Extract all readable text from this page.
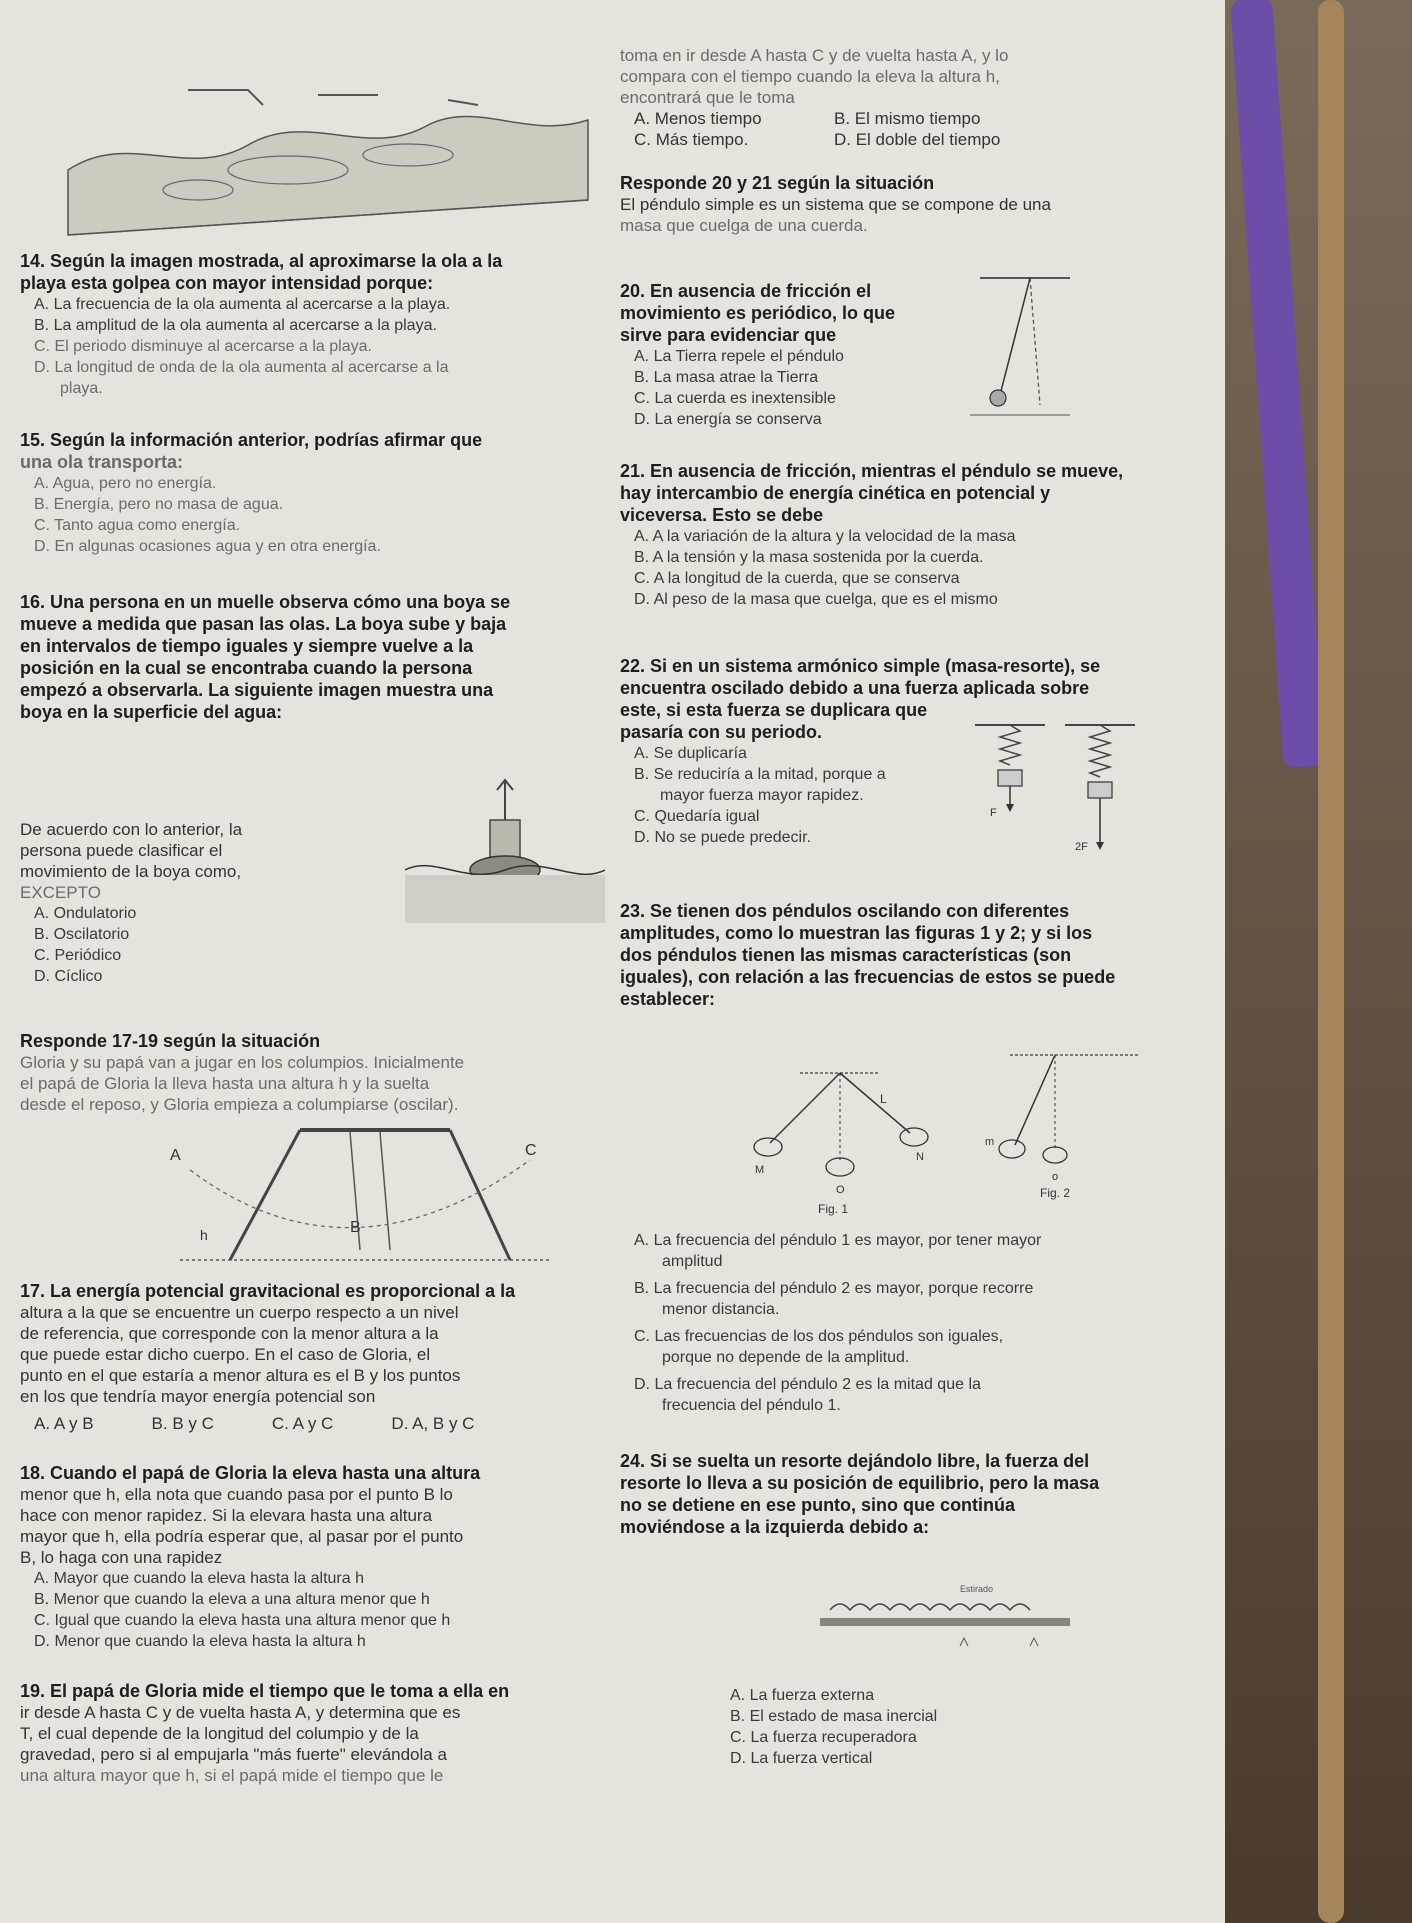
14. Según la imagen mostrada, al aproximarse la ola a la

playa esta golpea con mayor intensidad porque:

A. La frecuencia de la ola aumenta al acercarse a la playa.

B. La amplitud de la ola aumenta al acercarse a la playa.

C. El periodo disminuye al acercarse a la playa.

D. La longitud de onda de la ola aumenta al acercarse a la

playa.

15. Según la información anterior, podrías afirmar que

una ola transporta:

A. Agua, pero no energía.

B. Energía, pero no masa de agua.

C. Tanto agua como energía.

D. En algunas ocasiones agua y en otra energía.

16. Una persona en un muelle observa cómo una boya se

mueve a medida que pasan las olas. La boya sube y baja

en intervalos de tiempo iguales y siempre vuelve a la

posición en la cual se encontraba cuando la persona

empezó a observarla. La siguiente imagen muestra una

boya en la superficie del agua:

De acuerdo con lo anterior, la

persona puede clasificar el

movimiento de la boya como,

EXCEPTO

A. Ondulatorio

B. Oscilatorio

C. Periódico

D. Cíclico

Responde 17-19 según la situación

Gloria y su papá van a jugar en los columpios. Inicialmente

el papá de Gloria la lleva hasta una altura h y la suelta

desde el reposo, y Gloria empieza a columpiarse (oscilar).

A
B
C
h

17. La energía potencial gravitacional es proporcional a la

altura a la que se encuentre un cuerpo respecto a un nivel

de referencia, que corresponde con la menor altura a la

que puede estar dicho cuerpo. En el caso de Gloria, el

punto en el que estaría a menor altura es el B y los puntos

en los que tendría mayor energía potencial son

A. A y B	B. B y C	C. A y C	D. A, B y C

18. Cuando el papá de Gloria la eleva hasta una altura

menor que h, ella nota que cuando pasa por el punto B lo

hace con menor rapidez. Si la elevara hasta una altura

mayor que h, ella podría esperar que, al pasar por el punto

B, lo haga con una rapidez

A. Mayor que cuando la eleva hasta la altura h

B. Menor que cuando la eleva a una altura menor que h

C. Igual que cuando la eleva hasta una altura menor que h

D. Menor que cuando la eleva hasta la altura h

19. El papá de Gloria mide el tiempo que le toma a ella en

ir desde A hasta C y de vuelta hasta A, y determina que es

T, el cual depende de la longitud del columpio y de la

gravedad, pero si al empujarla "más fuerte" elevándola a

una altura mayor que h, si el papá mide el tiempo que le

toma en ir desde A hasta C y de vuelta hasta A, y lo

compara con el tiempo cuando la eleva la altura h,

encontrará que le toma

A. Menos tiempo	B. El mismo tiempo
C. Más tiempo.	D. El doble del tiempo

Responde 20 y 21 según la situación

El péndulo simple es un sistema que se compone de una

masa que cuelga de una cuerda.

20. En ausencia de fricción el

movimiento es periódico, lo que

sirve para evidenciar que

A. La Tierra repele el péndulo

B. La masa atrae la Tierra

C. La cuerda es inextensible

D. La energía se conserva

21. En ausencia de fricción, mientras el péndulo se mueve,

hay intercambio de energía cinética en potencial y

viceversa. Esto se debe

A. A la variación de la altura y la velocidad de la masa

B. A la tensión y la masa sostenida por la cuerda.

C. A la longitud de la cuerda, que se conserva

D. Al peso de la masa que cuelga, que es el mismo

22. Si en un sistema armónico simple (masa-resorte), se

encuentra oscilado debido a una fuerza aplicada sobre

este, si esta fuerza se duplicara que

pasaría con su periodo.

A. Se duplicaría

B. Se reduciría a la mitad, porque a

mayor fuerza mayor rapidez.

C. Quedaría igual

D. No se puede predecir.

F
2F

23. Se tienen dos péndulos oscilando con diferentes

amplitudes, como lo muestran las figuras 1 y 2; y si los

dos péndulos tienen las mismas características (son

iguales), con relación a las frecuencias de estos se puede

establecer:

L
M
N
O
Fig. 1
m
o
Fig. 2

A. La frecuencia del péndulo 1 es mayor, por tener mayor

amplitud

B. La frecuencia del péndulo 2 es mayor, porque recorre

menor distancia.

C. Las frecuencias de los dos péndulos son iguales,

porque no depende de la amplitud.

D. La frecuencia del péndulo 2 es la mitad que la

frecuencia del péndulo 1.

24. Si se suelta un resorte dejándolo libre, la fuerza del

resorte lo lleva a su posición de equilibrio, pero la masa

no se detiene en ese punto, sino que continúa

moviéndose a la izquierda debido a:

Estirado

A. La fuerza externa

B. El estado de masa inercial

C. La fuerza recuperadora

D. La fuerza vertical
